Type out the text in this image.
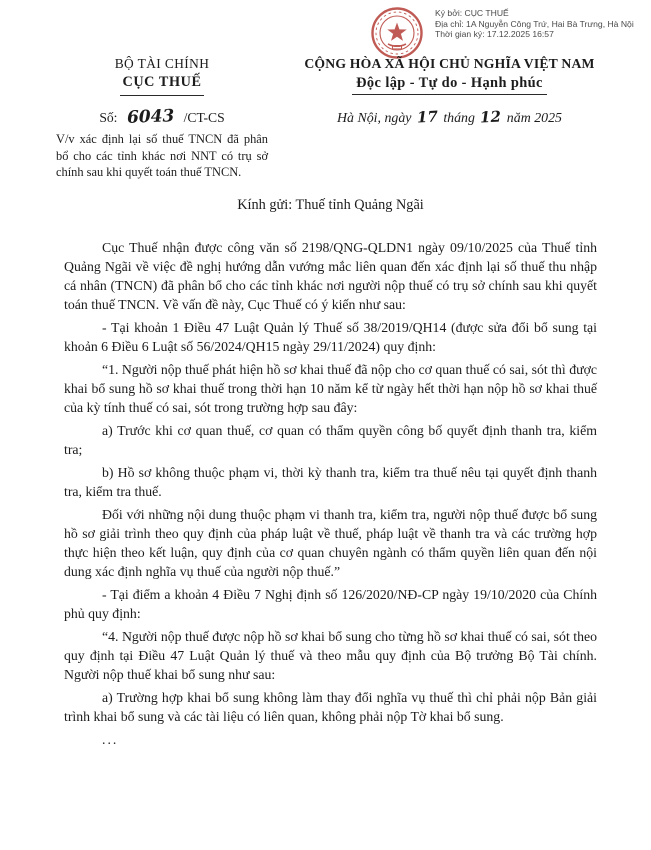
Ký bởi: CỤC THUẾ
Địa chỉ: 1A Nguyễn Công Trứ, Hai Bà Trưng, Hà Nội
Thời gian ký: 17.12.2025 16:57
BỘ TÀI CHÍNH
CỤC THUẾ
Số: 6043 /CT-CS
V/v xác định lại số thuế TNCN đã phân bổ cho các tỉnh khác nơi NNT có trụ sở chính sau khi quyết toán thuế TNCN.
CỘNG HÒA XÃ HỘI CHỦ NGHĨA VIỆT NAM
Độc lập - Tự do - Hạnh phúc
Hà Nội, ngày 17 tháng 12 năm 2025
Kính gửi: Thuế tỉnh Quảng Ngãi

Cục Thuế nhận được công văn số 2198/QNG-QLDN1 ngày 09/10/2025 của Thuế tỉnh Quảng Ngãi về việc đề nghị hướng dẫn vướng mắc liên quan đến xác định lại số thuế thu nhập cá nhân (TNCN) đã phân bổ cho các tỉnh khác nơi người nộp thuế có trụ sở chính sau khi quyết toán thuế TNCN. Về vấn đề này, Cục Thuế có ý kiến như sau:

- Tại khoản 1 Điều 47 Luật Quản lý Thuế số 38/2019/QH14 (được sửa đổi bổ sung tại khoản 6 Điều 6 Luật số 56/2024/QH15 ngày 29/11/2024) quy định:

“1. Người nộp thuế phát hiện hồ sơ khai thuế đã nộp cho cơ quan thuế có sai, sót thì được khai bổ sung hồ sơ khai thuế trong thời hạn 10 năm kể từ ngày hết thời hạn nộp hồ sơ khai thuế của kỳ tính thuế có sai, sót trong trường hợp sau đây:

a) Trước khi cơ quan thuế, cơ quan có thẩm quyền công bố quyết định thanh tra, kiểm tra;

b) Hồ sơ không thuộc phạm vi, thời kỳ thanh tra, kiểm tra thuế nêu tại quyết định thanh tra, kiểm tra thuế.

Đối với những nội dung thuộc phạm vi thanh tra, kiểm tra, người nộp thuế được bổ sung hồ sơ giải trình theo quy định của pháp luật về thuế, pháp luật về thanh tra và các trường hợp thực hiện theo kết luận, quy định của cơ quan chuyên ngành có thẩm quyền liên quan đến nội dung xác định nghĩa vụ thuế của người nộp thuế.”

- Tại điểm a khoản 4 Điều 7 Nghị định số 126/2020/NĐ-CP ngày 19/10/2020 của Chính phủ quy định:

“4. Người nộp thuế được nộp hồ sơ khai bổ sung cho từng hồ sơ khai thuế có sai, sót theo quy định tại Điều 47 Luật Quản lý thuế và theo mẫu quy định của Bộ trưởng Bộ Tài chính. Người nộp thuế khai bổ sung như sau:

a) Trường hợp khai bổ sung không làm thay đổi nghĩa vụ thuế thì chỉ phải nộp Bản giải trình khai bổ sung và các tài liệu có liên quan, không phải nộp Tờ khai bổ sung.

...
